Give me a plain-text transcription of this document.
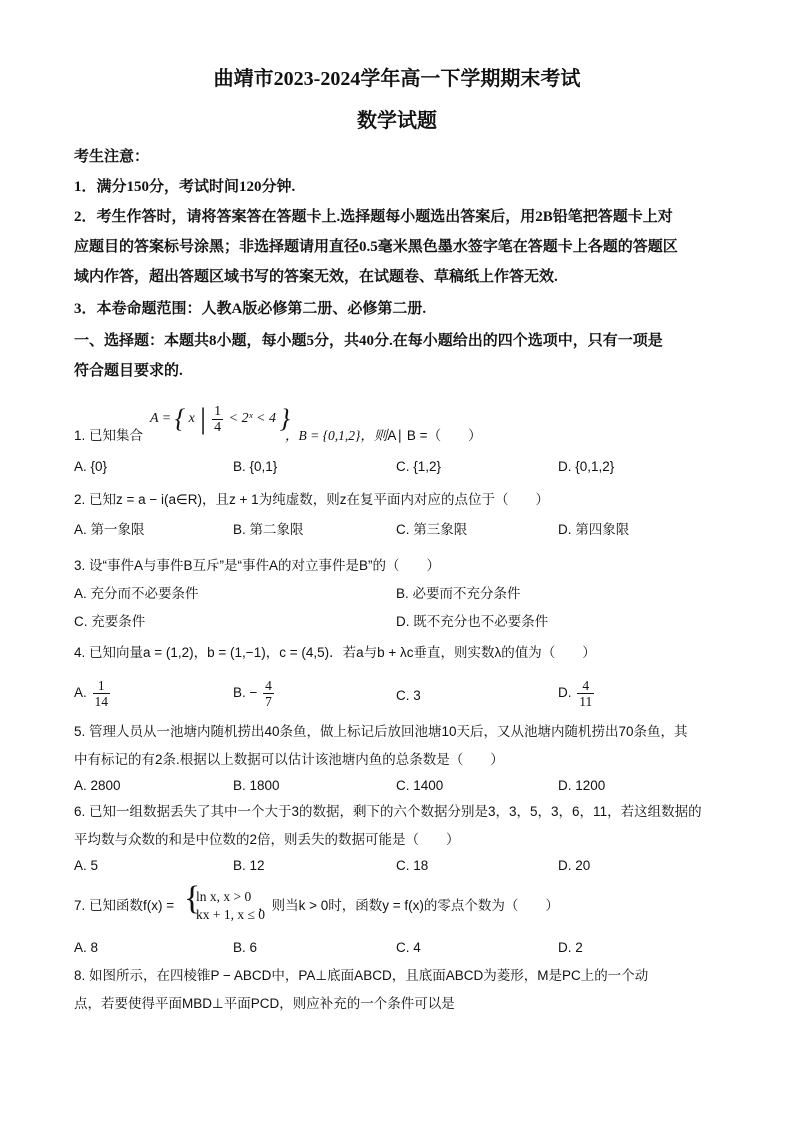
曲靖市2023-2024学年高一下学期期末考试
数学试题
考生注意：
1．满分150分，考试时间120分钟.
2．考生作答时，请将答案答在答题卡上.选择题每小题选出答案后，用2B铅笔把答题卡上对
应题目的答案标号涂黑；非选择题请用直径0.5毫米黑色墨水签字笔在答题卡上各题的答题区
域内作答，超出答题区域书写的答案无效，在试题卷、草稿纸上作答无效.
3．本卷命题范围：人教A版必修第二册、必修第二册.
一、选择题：本题共8小题，每小题5分，共40分.在每小题给出的四个选项中，只有一项是
符合题目要求的.
A = { x | $\frac{1}{4}$ < 2ˣ < 4 }
1. 已知集合	，B = {0,1,2}，则A∣ B =（　　）
A. {0}	B. {0,1}	C. {1,2}	D. {0,1,2}
2. 已知z = a − i(a∈R)，且z + 1为纯虚数，则z在复平面内对应的点位于（　　）
A. 第一象限	B. 第二象限	C. 第三象限	D. 第四象限
3. 设“事件A与事件B互斥”是“事件A的对立事件是B”的（　　）
A. 充分而不必要条件	B. 必要而不充分条件
C. 充要条件	D. 既不充分也不必要条件
4. 已知向量a = (1,2)，b = (1,−1)，c = (4,5)．若a与b + λc垂直，则实数λ的值为（　　）
A. $\frac{1}{14}$	B. − $\frac{4}{7}$	C. 3	D. $\frac{4}{11}$
5. 管理人员从一池塘内随机捞出40条鱼，做上标记后放回池塘10天后，又从池塘内随机捞出70条鱼，其
中有标记的有2条.根据以上数据可以估计该池塘内鱼的总条数是（　　）
A. 2800	B. 1800	C. 1400	D. 1200
6. 已知一组数据丢失了其中一个大于3的数据，剩下的六个数据分别是3，3，5，3，6，11，若这组数据的
平均数与众数的和是中位数的2倍，则丢失的数据可能是（　　）
A. 5	B. 12	C. 18	D. 20
7. 已知函数f(x) =	，则当k > 0时，函数y = f(x)的零点个数为（　　）
{
ln x, x > 0
kx + 1, x ≤ 0
A. 8	B. 6	C. 4	D. 2
8. 如图所示，在四棱锥P − ABCD中，PA⊥底面ABCD，且底面ABCD为菱形，M是PC上的一个动
点，若要使得平面MBD⊥平面PCD，则应补充的一个条件可以是
